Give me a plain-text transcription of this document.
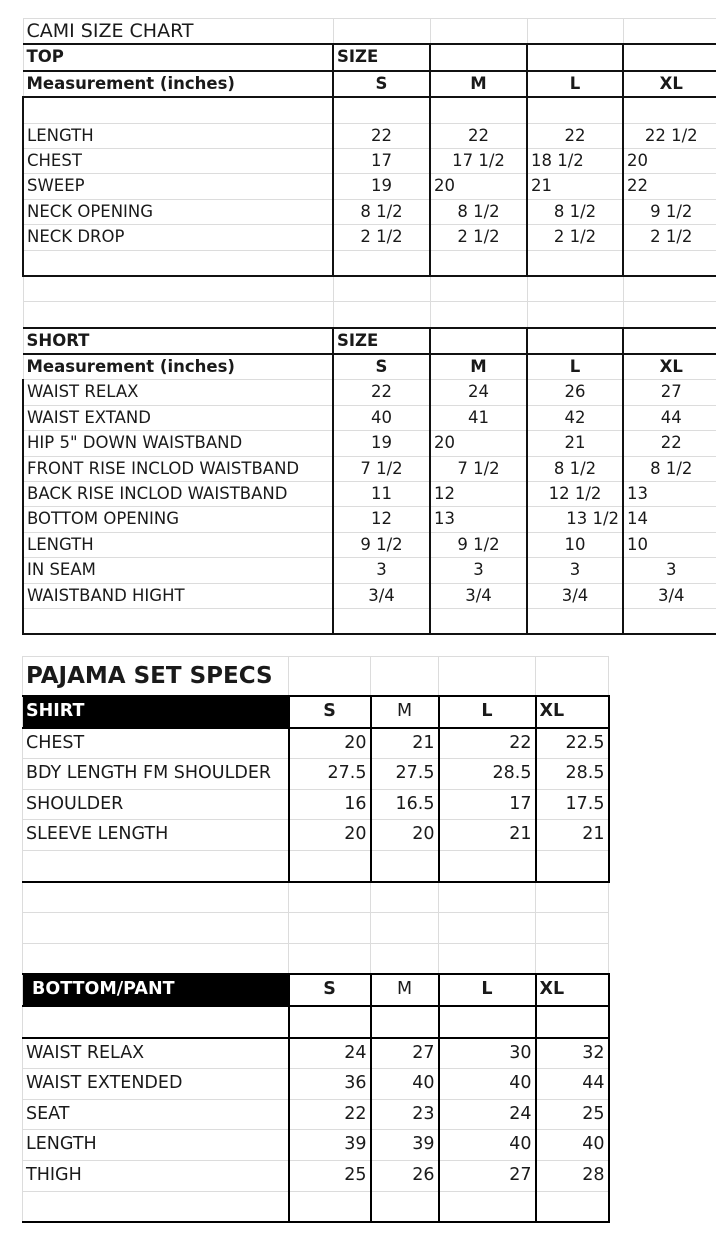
CAMI SIZE CHART				
TOP	SIZE			
Measurement (inches)	S	M	L	XL

LENGTH	22	22	22	22 1/2
CHEST	17	17 1/2	18 1/2	20
SWEEP	19	20	21	22
NECK OPENING	8 1/2	8 1/2	8 1/2	9 1/2
NECK DROP	2 1/2	2 1/2	2 1/2	2 1/2

SHORT	SIZE			
Measurement (inches)	S	M	L	XL
WAIST RELAX	22	24	26	27
WAIST EXTAND	40	41	42	44
HIP 5" DOWN WAISTBAND	19	20	21	22
FRONT RISE INCLOD WAISTBAND	7 1/2	7 1/2	8 1/2	8 1/2
BACK RISE INCLOD WAISTBAND	11	12	12 1/2	13
BOTTOM OPENING	12	13	13 1/2	14
LENGTH	9 1/2	9 1/2	10	10
IN SEAM	3	3	3	3
WAISTBAND HIGHT	3/4	3/4	3/4	3/4

PAJAMA SET SPECS				
SHIRT	S	M	L	XL
CHEST	20	21	22	22.5
BDY LENGTH FM SHOULDER	27.5	27.5	28.5	28.5
SHOULDER	16	16.5	17	17.5
SLEEVE LENGTH	20	20	21	21

BOTTOM/PANT	S	M	L	XL

WAIST RELAX	24	27	30	32
WAIST EXTENDED	36	40	40	44
SEAT	22	23	24	25
LENGTH	39	39	40	40
THIGH	25	26	27	28
